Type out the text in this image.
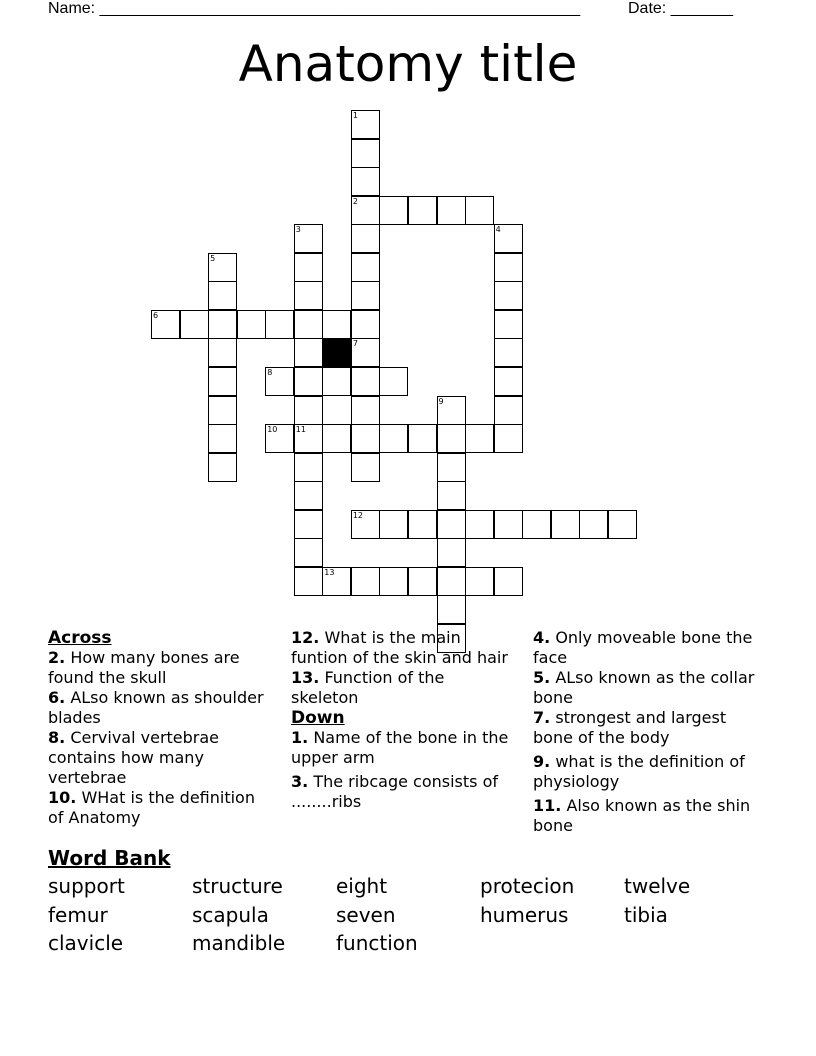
Name: ______________________________________________________	Date: _______
Anatomy title
1
2
3	4
5
6
7
8
9
10 11
12
13
Across

2. How many bones are found the skull

6. ALso known as shoulder blades

8. Cervival vertebrae contains how many vertebrae

10. WHat is the definition of Anatomy

12. What is the main funtion of the skin and hair

13. Function of the skeleton

Down

1. Name of the bone in the upper arm

3. The ribcage consists of ........ribs

4. Only moveable bone the face

5. ALso known as the collar bone

7. strongest and largest bone of the body

9. what is the definition of physiology

11. Also known as the shin bone

Word Bank
support	structure	eight	protecion	twelve
femur	scapula	seven	humerus	tibia
clavicle	mandible	function
